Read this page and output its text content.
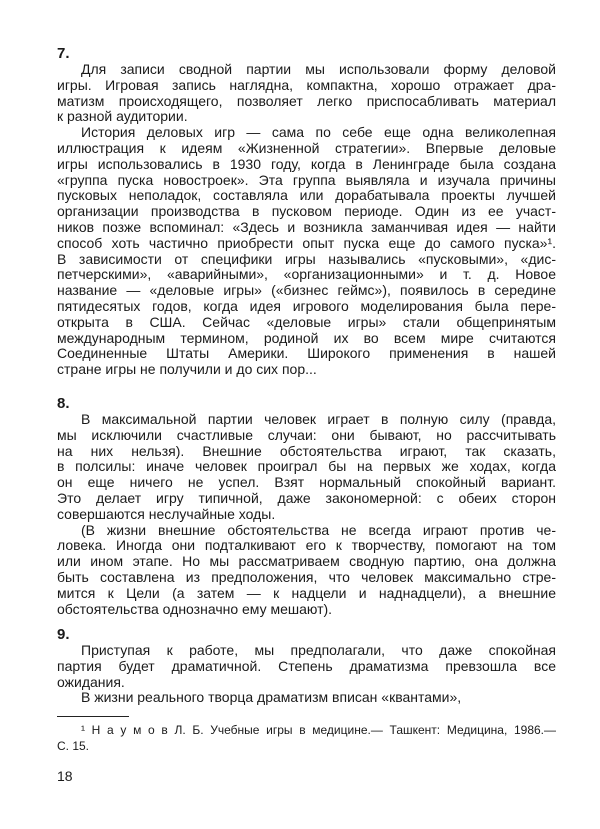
7.
Для записи сводной партии мы использовали форму деловой
игры. Игровая запись наглядна, компактна, хорошо отражает дра-
матизм происходящего, позволяет легко приспосабливать материал
к разной аудитории.
История деловых игр — сама по себе еще одна великолепная
иллюстрация к идеям «Жизненной стратегии». Впервые деловые
игры использовались в 1930 году, когда в Ленинграде была создана
«группа пуска новостроек». Эта группа выявляла и изучала причины
пусковых неполадок, составляла или дорабатывала проекты лучшей
организации производства в пусковом периоде. Один из ее участ-
ников позже вспоминал: «Здесь и возникла заманчивая идея — найти
способ хоть частично приобрести опыт пуска еще до самого пуска»¹.
В зависимости от специфики игры назывались «пусковыми», «дис-
петчерскими», «аварийными», «организационными» и т. д. Новое
название — «деловые игры» («бизнес геймс»), появилось в середине
пятидесятых годов, когда идея игрового моделирования была пере-
открыта в США. Сейчас «деловые игры» стали общепринятым
международным термином, родиной их во всем мире считаются
Соединенные Штаты Америки. Широкого применения в нашей
стране игры не получили и до сих пор...
8.
В максимальной партии человек играет в полную силу (правда,
мы исключили счастливые случаи: они бывают, но рассчитывать
на них нельзя). Внешние обстоятельства играют, так сказать,
в полсилы: иначе человек проиграл бы на первых же ходах, когда
он еще ничего не успел. Взят нормальный спокойный вариант.
Это делает игру типичной, даже закономерной: с обеих сторон
совершаются неслучайные ходы.
(В жизни внешние обстоятельства не всегда играют против че-
ловека. Иногда они подталкивают его к творчеству, помогают на том
или ином этапе. Но мы рассматриваем сводную партию, она должна
быть составлена из предположения, что человек максимально стре-
мится к Цели (а затем — к надцели и наднадцели), а внешние
обстоятельства однозначно ему мешают).
9.
Приступая к работе, мы предполагали, что даже спокойная
партия будет драматичной. Степень драматизма превзошла все
ожидания.
В жизни реального творца драматизм вписан «квантами»,
¹ Н а у м о в Л. Б. Учебные игры в медицине.— Ташкент: Медицина, 1986.—
С. 15.
18
